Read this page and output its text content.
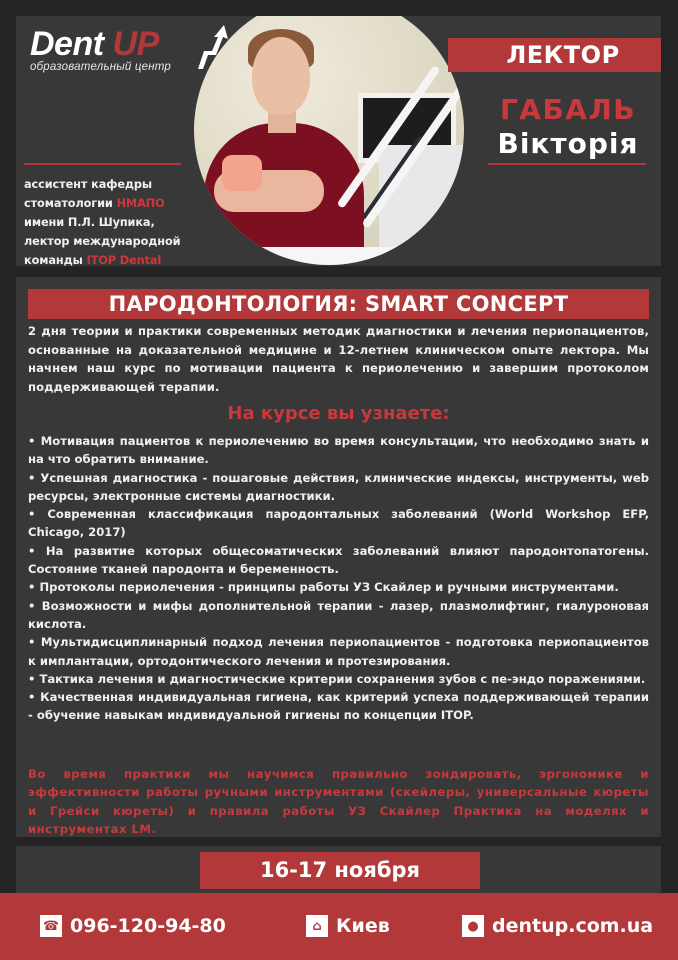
Dent UP
образовательный центр
ассистент кафедры
стоматологии НМАПО
имени П.Л. Шупика,
лектор международной
команды ITOP Dental
ЛЕКТОР
ГАБАЛЬ
Вiкторiя
ПАРОДОНТОЛОГИЯ: SMART CONCEPT
2 дня теории и практики современных методик диагностики и лечения периопациентов, основанные на доказательной медицине и 12-летнем клиническом опыте лектора. Мы начнем наш курс по мотивации пациента к периолечению и завершим протоколом поддерживающей терапии.
На курсе вы узнаете:

• Мотивация пациентов к периолечению во время консультации, что необходимо знать и на что обратить внимание.

• Успешная диагностика - пошаговые действия, клинические индексы, инструменты, web ресурсы, электронные системы диагностики.

• Современная классификация пародонтальных заболеваний (World Workshop EFP, Chicago, 2017)

• На развитие которых общесоматических заболеваний влияют пародонтопатогены. Состояние тканей пародонта и беременность.

• Протоколы периолечения - принципы работы УЗ Скайлер и ручными инструментами.

• Возможности и мифы дополнительной терапии - лазер, плазмолифтинг, гиалуроновая кислота.

• Мультидисциплинарный подход лечения периопациентов - подготовка периопациентов к имплантации, ортодонтического лечения и протезирования.

• Тактика лечения и диагностические критерии сохранения зубов с пе-эндо поражениями.

• Качественная индивидуальная гигиена, как критерий успеха поддерживающей терапии - обучение навыкам индивидуальной гигиены по концепции ITOP.

Во время практики мы научимся правильно зондировать, эргономике и эффективности работы ручными инструментами (скейлеры, универсальные кюреты и Грейси кюреты) и правила работы УЗ Скайлер Практика на моделях и инструментах LM.
16-17 ноября
☎ 096-120-94-80	⌂ Киев	● dentup.com.ua
